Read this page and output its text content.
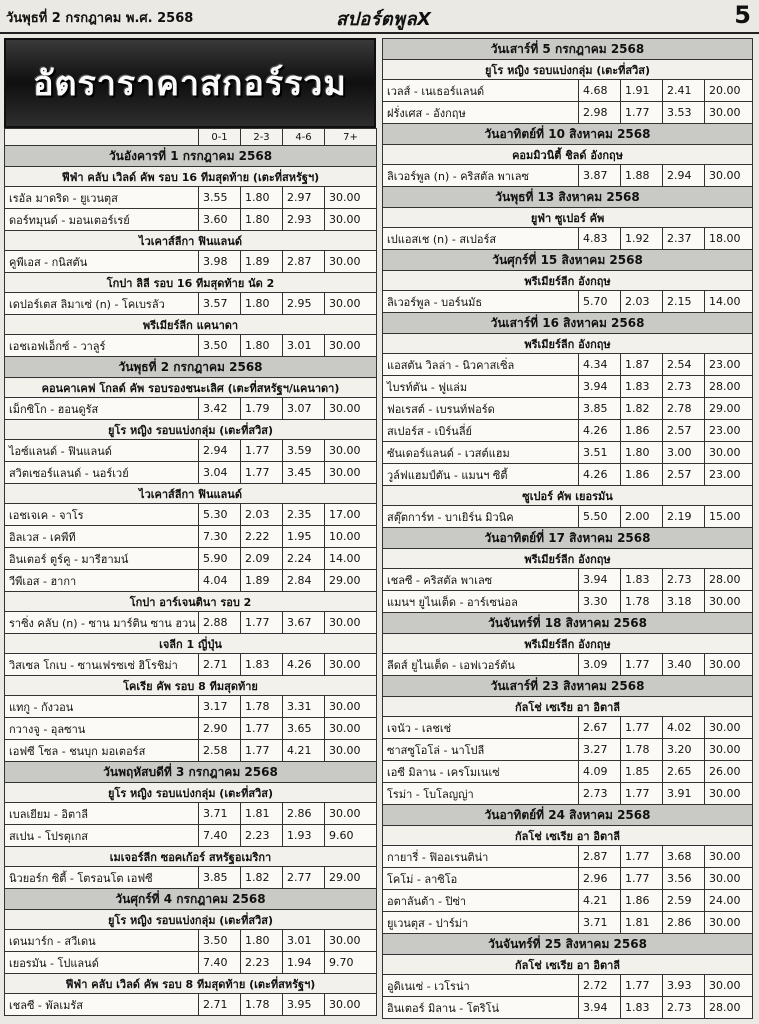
วันพุธที่ 2 กรกฎาคม พ.ศ. 2568	สปอร์ตพูลX	5
อัตราราคาสกอร์รวม
	0-1	2-3	4-6	7+
วันอังคารที่ 1 กรกฎาคม 2568				
ฟีฟ่า คลับ เวิลด์ คัพ รอบ 16 ทีมสุดท้าย (เตะที่สหรัฐฯ)				
เรอัล มาดริด - ยูเวนตุส	3.55	1.80	2.97	30.00
ดอร์ทมุนด์ - มอนเตอร์เรย์	3.60	1.80	2.93	30.00
ไวเคาส์ลีกา ฟินแลนด์				
คูพีเอส - กนิสตัน	3.98	1.89	2.87	30.00
โกปา ลิลี รอบ 16 ทีมสุดท้าย นัด 2				
เดปอร์เตส ลิมาเซ่ (n) - โคเบรลัว	3.57	1.80	2.95	30.00
พรีเมียร์ลีก แคนาดา				
เอชเอฟเอ็กซ์ - วาลูร์	3.50	1.80	3.01	30.00
วันพุธที่ 2 กรกฎาคม 2568				
คอนคาเคฟ โกลด์ คัพ รอบรองชนะเลิศ (เตะที่สหรัฐฯ/แคนาดา)				
เม็กซิโก - ฮอนดูรัส	3.42	1.79	3.07	30.00
ยูโร หญิง รอบแบ่งกลุ่ม (เตะที่สวิส)				
ไอซ์แลนด์ - ฟินแลนด์	2.94	1.77	3.59	30.00
สวิตเซอร์แลนด์ - นอร์เวย์	3.04	1.77	3.45	30.00
ไวเคาส์ลีกา ฟินแลนด์				
เอชเจเค - จาโร	5.30	2.03	2.35	17.00
อิลเวส - เคพีที	7.30	2.22	1.95	10.00
อินเตอร์ ตูร์คู - มารีฮามน์	5.90	2.09	2.24	14.00
วีพีเอส - ฮากา	4.04	1.89	2.84	29.00
โกปา อาร์เจนตินา รอบ 2				
ราซิ่ง คลับ (n) - ซาน มาร์ติน ซาน ฮวน	2.88	1.77	3.67	30.00
เจลีก 1 ญี่ปุ่น				
วิสเซล โกเบ - ซานเฟรซเซ่ ฮิโรชิม่า	2.71	1.83	4.26	30.00
โคเรีย คัพ รอบ 8 ทีมสุดท้าย				
แทกู - กังวอน	3.17	1.78	3.31	30.00
กวางจู - อุลซาน	2.90	1.77	3.65	30.00
เอฟซี โซล - ชนบุก มอเตอร์ส	2.58	1.77	4.21	30.00
วันพฤหัสบดีที่ 3 กรกฎาคม 2568				
ยูโร หญิง รอบแบ่งกลุ่ม (เตะที่สวิส)				
เบลเยียม - อิตาลี	3.71	1.81	2.86	30.00
สเปน - โปรตุเกส	7.40	2.23	1.93	9.60
เมเจอร์ลีก ซอคเก้อร์ สหรัฐอเมริกา				
นิวยอร์ก ซิตี้ - โตรอนโต เอฟซี	3.85	1.82	2.77	29.00
วันศุกร์ที่ 4 กรกฎาคม 2568				
ยูโร หญิง รอบแบ่งกลุ่ม (เตะที่สวิส)				
เดนมาร์ก - สวีเดน	3.50	1.80	3.01	30.00
เยอรมัน - โปแลนด์	7.40	2.23	1.94	9.70
ฟีฟ่า คลับ เวิลด์ คัพ รอบ 8 ทีมสุดท้าย (เตะที่สหรัฐฯ)				
เชลซี - พัลเมรัส	2.71	1.78	3.95	30.00
วันเสาร์ที่ 5 กรกฎาคม 2568				
ยูโร หญิง รอบแบ่งกลุ่ม (เตะที่สวิส)				
เวลส์ - เนเธอร์แลนด์	4.68	1.91	2.41	20.00
ฝรั่งเศส - อังกฤษ	2.98	1.77	3.53	30.00
วันอาทิตย์ที่ 10 สิงหาคม 2568				
คอมมิวนิตี้ ชิลด์ อังกฤษ				
ลิเวอร์พูล (n) - คริสตัล พาเลซ	3.87	1.88	2.94	30.00
วันพุธที่ 13 สิงหาคม 2568				
ยูฟ่า ซูเปอร์ คัพ				
เปแอสเช (n) - สเปอร์ส	4.83	1.92	2.37	18.00
วันศุกร์ที่ 15 สิงหาคม 2568				
พรีเมียร์ลีก อังกฤษ				
ลิเวอร์พูล - บอร์นมัธ	5.70	2.03	2.15	14.00
วันเสาร์ที่ 16 สิงหาคม 2568				
พรีเมียร์ลีก อังกฤษ				
แอสตัน วิลล่า - นิวคาสเซิ่ล	4.34	1.87	2.54	23.00
ไบรท์ตัน - ฟูแล่ม	3.94	1.83	2.73	28.00
ฟอเรสต์ - เบรนท์ฟอร์ด	3.85	1.82	2.78	29.00
สเปอร์ส - เบิร์นลี่ย์	4.26	1.86	2.57	23.00
ซันเดอร์แลนด์ - เวสต์แฮม	3.51	1.80	3.00	30.00
วูล์ฟแฮมป์ตัน - แมนฯ ซิตี้	4.26	1.86	2.57	23.00
ซูเปอร์ คัพ เยอรมัน				
สตุ๊ตการ์ท - บาเยิร์น มิวนิค	5.50	2.00	2.19	15.00
วันอาทิตย์ที่ 17 สิงหาคม 2568				
พรีเมียร์ลีก อังกฤษ				
เชลซี - คริสตัล พาเลซ	3.94	1.83	2.73	28.00
แมนฯ ยูไนเต็ด - อาร์เซน่อล	3.30	1.78	3.18	30.00
วันจันทร์ที่ 18 สิงหาคม 2568				
พรีเมียร์ลีก อังกฤษ				
ลีดส์ ยูไนเต็ด - เอฟเวอร์ตัน	3.09	1.77	3.40	30.00
วันเสาร์ที่ 23 สิงหาคม 2568				
กัลโช่ เซเรีย อา อิตาลี				
เจนัว - เลชเช่	2.67	1.77	4.02	30.00
ซาสซูโอโล่ - นาโปลี	3.27	1.78	3.20	30.00
เอซี มิลาน - เครโมเนเซ่	4.09	1.85	2.65	26.00
โรม่า - โบโลญญ่า	2.73	1.77	3.91	30.00
วันอาทิตย์ที่ 24 สิงหาคม 2568				
กัลโช่ เซเรีย อา อิตาลี				
กายารี่ - ฟิออเรนติน่า	2.87	1.77	3.68	30.00
โคโม่ - ลาซิโอ	2.96	1.77	3.56	30.00
อตาลันต้า - ปิซ่า	4.21	1.86	2.59	24.00
ยูเวนตุส - ปาร์ม่า	3.71	1.81	2.86	30.00
วันจันทร์ที่ 25 สิงหาคม 2568				
กัลโช่ เซเรีย อา อิตาลี				
อูดิเนเซ่ - เวโรน่า	2.72	1.77	3.93	30.00
อินเตอร์ มิลาน - โตริโน่	3.94	1.83	2.73	28.00
